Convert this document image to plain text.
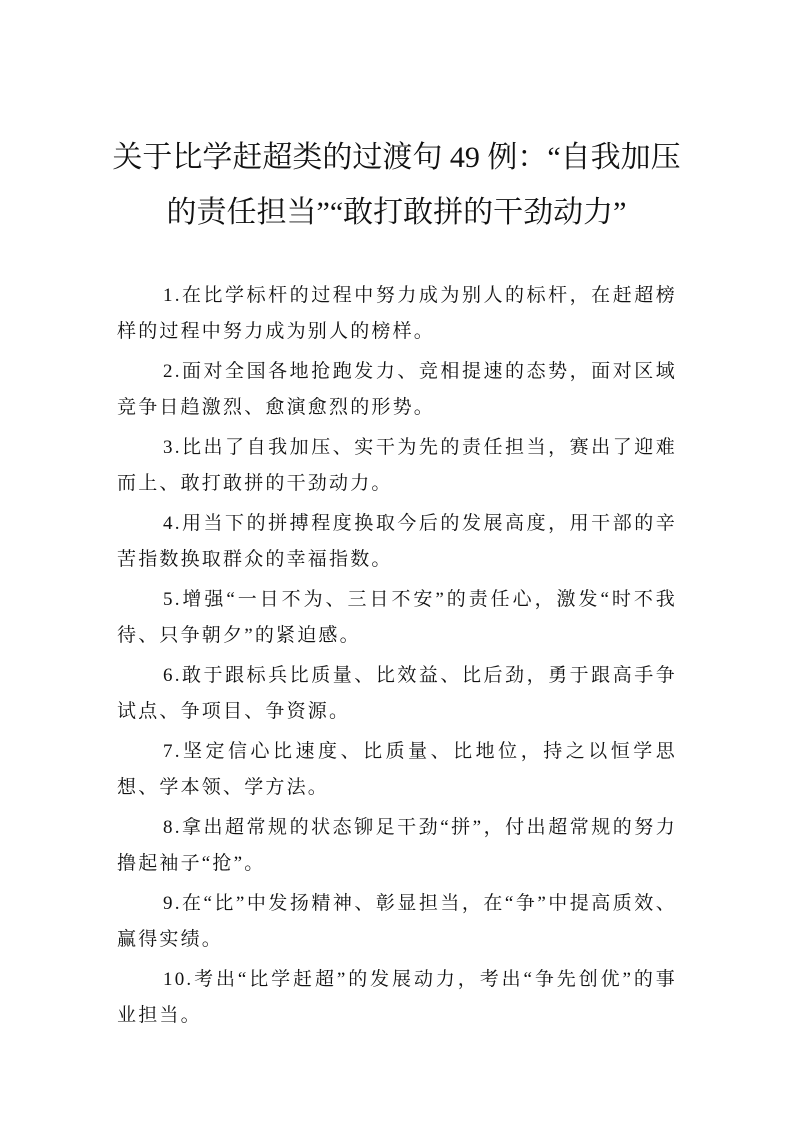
关于比学赶超类的过渡句 49 例：“自我加压
的责任担当”“敢打敢拼的干劲动力”

1.在比学标杆的过程中努力成为别人的标杆，在赶超榜样的过程中努力成为别人的榜样。

2.面对全国各地抢跑发力、竞相提速的态势，面对区域竞争日趋激烈、愈演愈烈的形势。

3.比出了自我加压、实干为先的责任担当，赛出了迎难而上、敢打敢拼的干劲动力。

4.用当下的拼搏程度换取今后的发展高度，用干部的辛苦指数换取群众的幸福指数。

5.增强“一日不为、三日不安”的责任心，激发“时不我待、只争朝夕”的紧迫感。

6.敢于跟标兵比质量、比效益、比后劲，勇于跟高手争试点、争项目、争资源。

7.坚定信心比速度、比质量、比地位，持之以恒学思想、学本领、学方法。

8.拿出超常规的状态铆足干劲“拼”，付出超常规的努力撸起袖子“抢”。

9.在“比”中发扬精神、彰显担当，在“争”中提高质效、赢得实绩。

10.考出“比学赶超”的发展动力，考出“争先创优”的事业担当。
